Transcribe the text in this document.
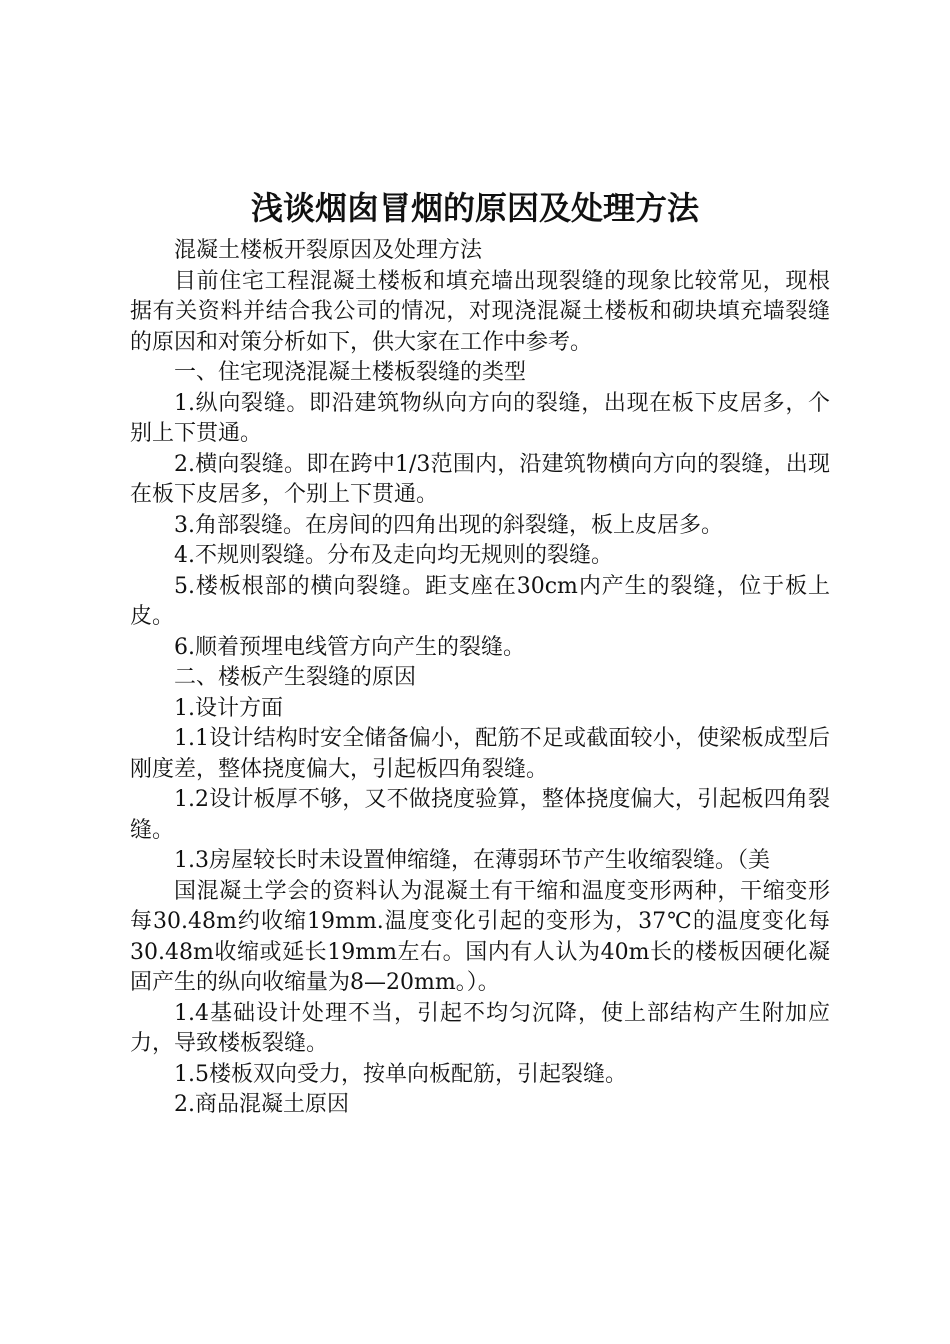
浅谈烟囱冒烟的原因及处理方法

混凝土楼板开裂原因及处理方法

目前住宅工程混凝土楼板和填充墙出现裂缝的现象比较常见，现根据有关资料并结合我公司的情况，对现浇混凝土楼板和砌块填充墙裂缝的原因和对策分析如下，供大家在工作中参考。

一、住宅现浇混凝土楼板裂缝的类型

1.纵向裂缝。即沿建筑物纵向方向的裂缝，出现在板下皮居多，个别上下贯通。

2.横向裂缝。即在跨中1/3范围内，沿建筑物横向方向的裂缝，出现在板下皮居多，个别上下贯通。

3.角部裂缝。在房间的四角出现的斜裂缝，板上皮居多。

4.不规则裂缝。分布及走向均无规则的裂缝。

5.楼板根部的横向裂缝。距支座在30cm内产生的裂缝，位于板上皮。

6.顺着预埋电线管方向产生的裂缝。

二、楼板产生裂缝的原因

1.设计方面

1.1设计结构时安全储备偏小，配筋不足或截面较小，使梁板成型后刚度差，整体挠度偏大，引起板四角裂缝。

1.2设计板厚不够，又不做挠度验算，整体挠度偏大，引起板四角裂缝。

1.3房屋较长时未设置伸缩缝，在薄弱环节产生收缩裂缝。（美

国混凝土学会的资料认为混凝土有干缩和温度变形两种，干缩变形每30.48m约收缩19mm.温度变化引起的变形为，37℃的温度变化每30.48m收缩或延长19mm左右。国内有人认为40m长的楼板因硬化凝固产生的纵向收缩量为8—20mm。）。

1.4基础设计处理不当，引起不均匀沉降，使上部结构产生附加应力，导致楼板裂缝。

1.5楼板双向受力，按单向板配筋，引起裂缝。

2.商品混凝土原因
